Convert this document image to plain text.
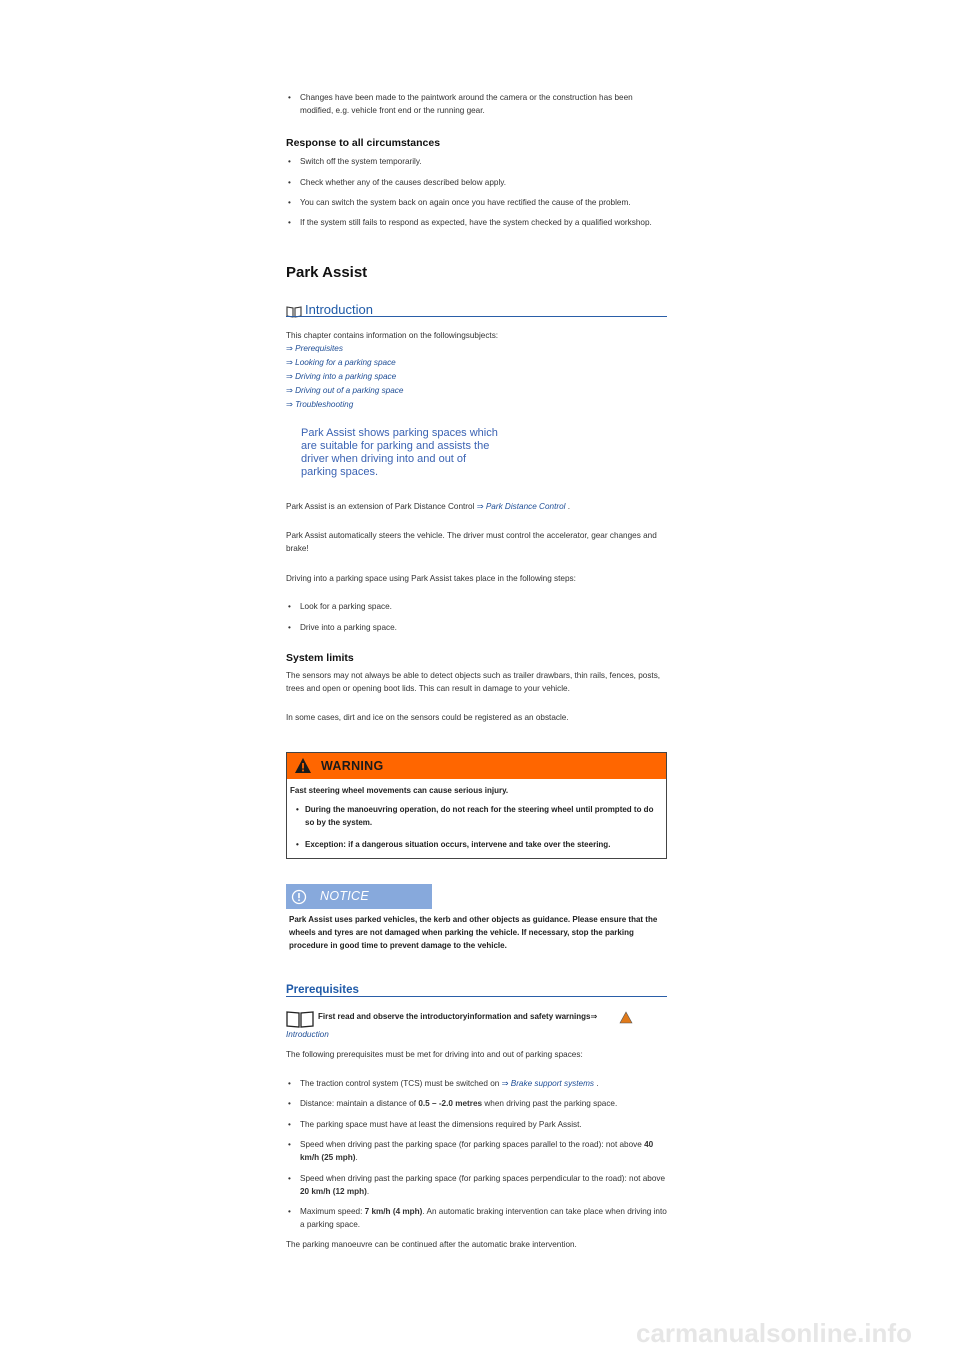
• Changes have been made to the paintwork around the camera or the construction has been modified, e.g. vehicle front end or the running gear.
Response to all circumstances
• Switch off the system temporarily.
• Check whether any of the causes described below apply.
• You can switch the system back on again once you have rectified the cause of the problem.
• If the system still fails to respond as expected, have the system checked by a qualified workshop.
Park Assist
Introduction
This chapter contains information on the followingsubjects:
⇒ Prerequisites
⇒ Looking for a parking space
⇒ Driving into a parking space
⇒ Driving out of a parking space
⇒ Troubleshooting
Park Assist shows parking spaces which are suitable for parking and assists the driver when driving into and out of parking spaces.
Park Assist is an extension of Park Distance Control ⇒ Park Distance Control .
Park Assist automatically steers the vehicle. The driver must control the accelerator, gear changes and brake!
Driving into a parking space using Park Assist takes place in the following steps:
• Look for a parking space.
• Drive into a parking space.
System limits
The sensors may not always be able to detect objects such as trailer drawbars, thin rails, fences, posts, trees and open or opening boot lids. This can result in damage to your vehicle.
In some cases, dirt and ice on the sensors could be registered as an obstacle.
WARNING
Fast steering wheel movements can cause serious injury.
• During the manoeuvring operation, do not reach for the steering wheel until prompted to do so by the system.
• Exception: if a dangerous situation occurs, intervene and take over the steering.
NOTICE
Park Assist uses parked vehicles, the kerb and other objects as guidance. Please ensure that the wheels and tyres are not damaged when parking the vehicle. If necessary, stop the parking procedure in good time to prevent damage to the vehicle.
Prerequisites
First read and observe the introductoryinformation and safety warnings⇒
Introduction
The following prerequisites must be met for driving into and out of parking spaces:
• The traction control system (TCS) must be switched on ⇒ Brake support systems .
• Distance: maintain a distance of 0.5 – -2.0 metres when driving past the parking space.
• The parking space must have at least the dimensions required by Park Assist.
• Speed when driving past the parking space (for parking spaces parallel to the road): not above 40 km/h (25 mph).
• Speed when driving past the parking space (for parking spaces perpendicular to the road): not above 20 km/h (12 mph).
• Maximum speed: 7 km/h (4 mph). An automatic braking intervention can take place when driving into a parking space.
The parking manoeuvre can be continued after the automatic brake intervention.
carmanualsonline.info
